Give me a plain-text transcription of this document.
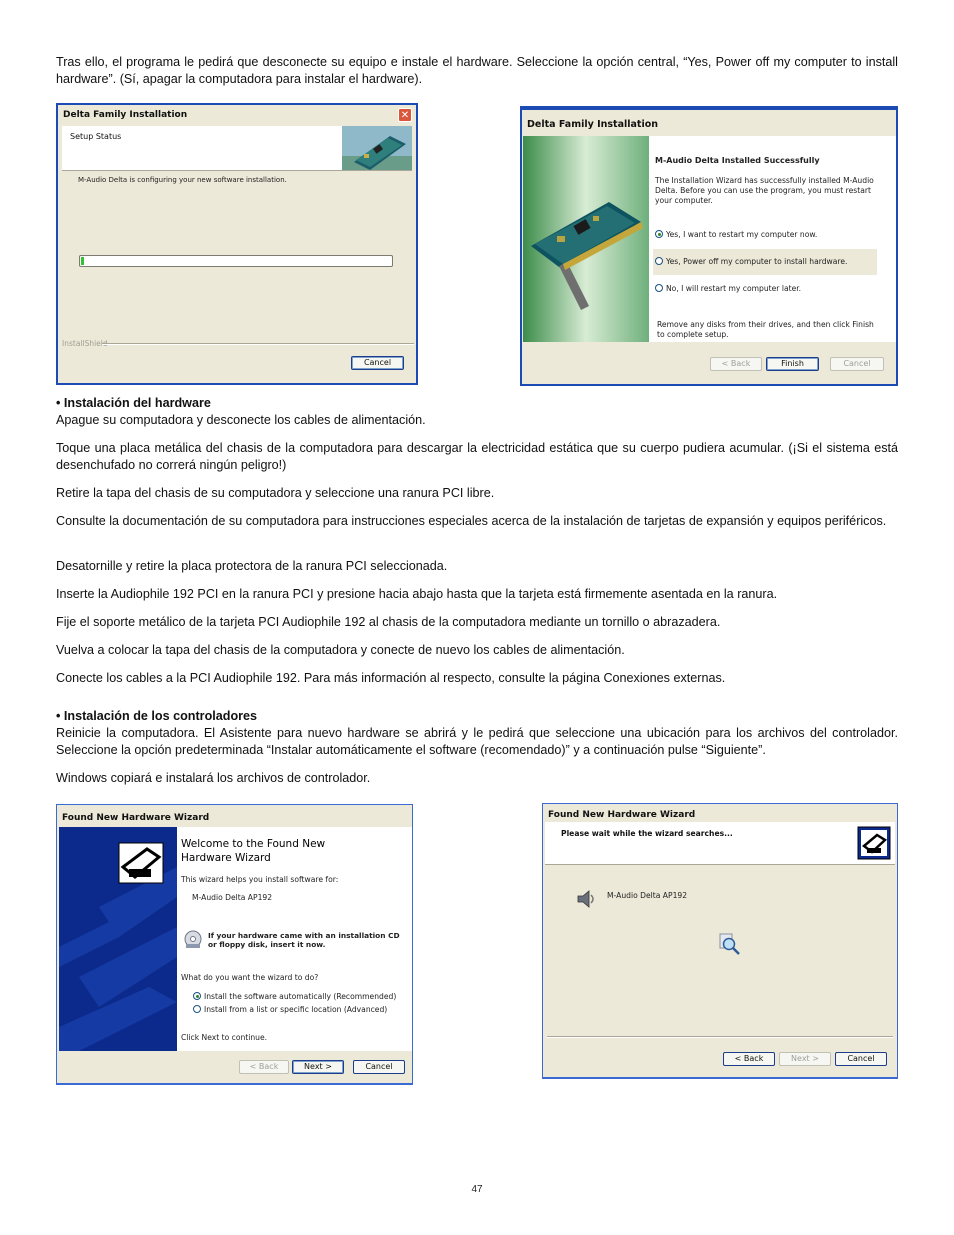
Tras ello, el programa le pedirá que desconecte su equipo e instale el hardware. Seleccione la opción central, “Yes, Power off my computer to install hardware”. (Sí, apagar la computadora para instalar el hardware).

Delta Family Installation	✕
Setup Status
M-Audio Delta is configuring your new software installation.
InstallShield
Cancel
Delta Family Installation
M-Audio Delta Installed Successfully
The Installation Wizard has successfully installed M-Audio Delta. Before you can use the program, you must restart your computer.
Yes, I want to restart my computer now.
Yes, Power off my computer to install hardware.
No, I will restart my computer later.
Remove any disks from their drives, and then click Finish to complete setup.
< Back	Finish	Cancel

• Instalación del hardware
Apague su computadora y desconecte los cables de alimentación.

Toque una placa metálica del chasis de la computadora para descargar la electricidad estática que su cuerpo pudiera acumular. (¡Si el sistema está desenchufado no correrá ningún peligro!)

Retire la tapa del chasis de su computadora y seleccione una ranura PCI libre.

Consulte la documentación de su computadora para instrucciones especiales acerca de la instalación de tarjetas de expansión y equipos periféricos.

Desatornille y retire la placa protectora de la ranura PCI seleccionada.

Inserte la Audiophile 192 PCI en la ranura PCI y presione hacia abajo hasta que la tarjeta está firmemente asentada en la ranura.

Fije el soporte metálico de la tarjeta PCI Audiophile 192 al chasis de la computadora mediante un tornillo o abrazadera.

Vuelva a colocar la tapa del chasis de la computadora y conecte de nuevo los cables de alimentación.

Conecte los cables a la PCI Audiophile 192. Para más información al respecto, consulte la página Conexiones externas.

• Instalación de los controladores
Reinicie la computadora. El Asistente para nuevo hardware se abrirá y le pedirá que seleccione una ubicación para los archivos del controlador. Seleccione la opción predeterminada “Instalar automáticamente el software (recomendado)” y a continuación pulse “Siguiente”.

Windows copiará e instalará los archivos de controlador.

Found New Hardware Wizard
Welcome to the Found New Hardware Wizard
This wizard helps you install software for:
M-Audio Delta AP192
If your hardware came with an installation CD or floppy disk, insert it now.
What do you want the wizard to do?
Install the software automatically (Recommended)
Install from a list or specific location (Advanced)
Click Next to continue.
< Back	Next >	Cancel
Found New Hardware Wizard
Please wait while the wizard searches...
M-Audio Delta AP192
< Back	Next >	Cancel
47
